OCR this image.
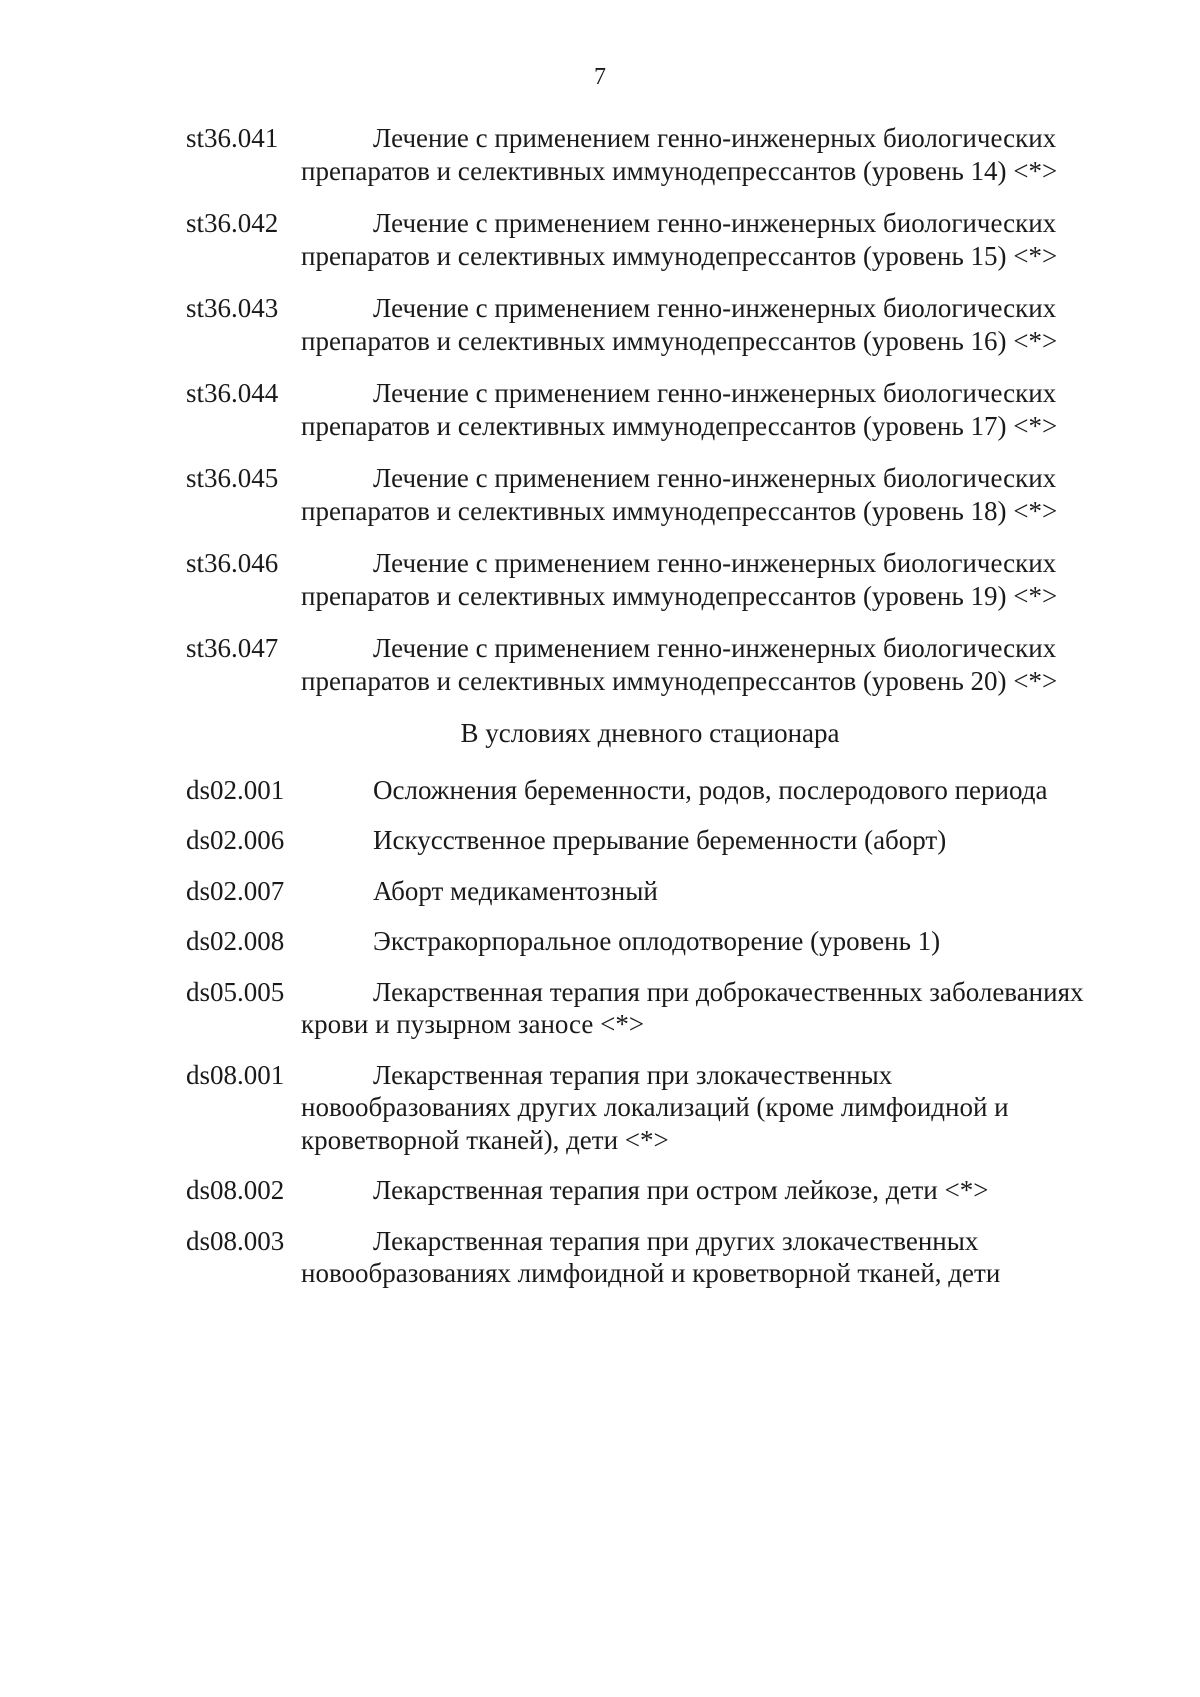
7
st36.041	Лечение с применением генно-инженерных биологических препаратов и селективных иммунодепрессантов (уровень 14) <*>
st36.042	Лечение с применением генно-инженерных биологических препаратов и селективных иммунодепрессантов (уровень 15) <*>
st36.043	Лечение с применением генно-инженерных биологических препаратов и селективных иммунодепрессантов (уровень 16) <*>
st36.044	Лечение с применением генно-инженерных биологических препаратов и селективных иммунодепрессантов (уровень 17) <*>
st36.045	Лечение с применением генно-инженерных биологических препаратов и селективных иммунодепрессантов (уровень 18) <*>
st36.046	Лечение с применением генно-инженерных биологических препаратов и селективных иммунодепрессантов (уровень 19) <*>
st36.047	Лечение с применением генно-инженерных биологических препаратов и селективных иммунодепрессантов (уровень 20) <*>
В условиях дневного стационара
ds02.001	Осложнения беременности, родов, послеродового периода
ds02.006	Искусственное прерывание беременности (аборт)
ds02.007	Аборт медикаментозный
ds02.008	Экстракорпоральное оплодотворение (уровень 1)
ds05.005	Лекарственная терапия при доброкачественных заболеваниях крови и пузырном заносе <*>
ds08.001	Лекарственная терапия при злокачественных новообразованиях других локализаций (кроме лимфоидной и кроветворной тканей), дети <*>
ds08.002	Лекарственная терапия при остром лейкозе, дети <*>
ds08.003	Лекарственная терапия при других злокачественных новообразованиях лимфоидной и кроветворной тканей, дети
